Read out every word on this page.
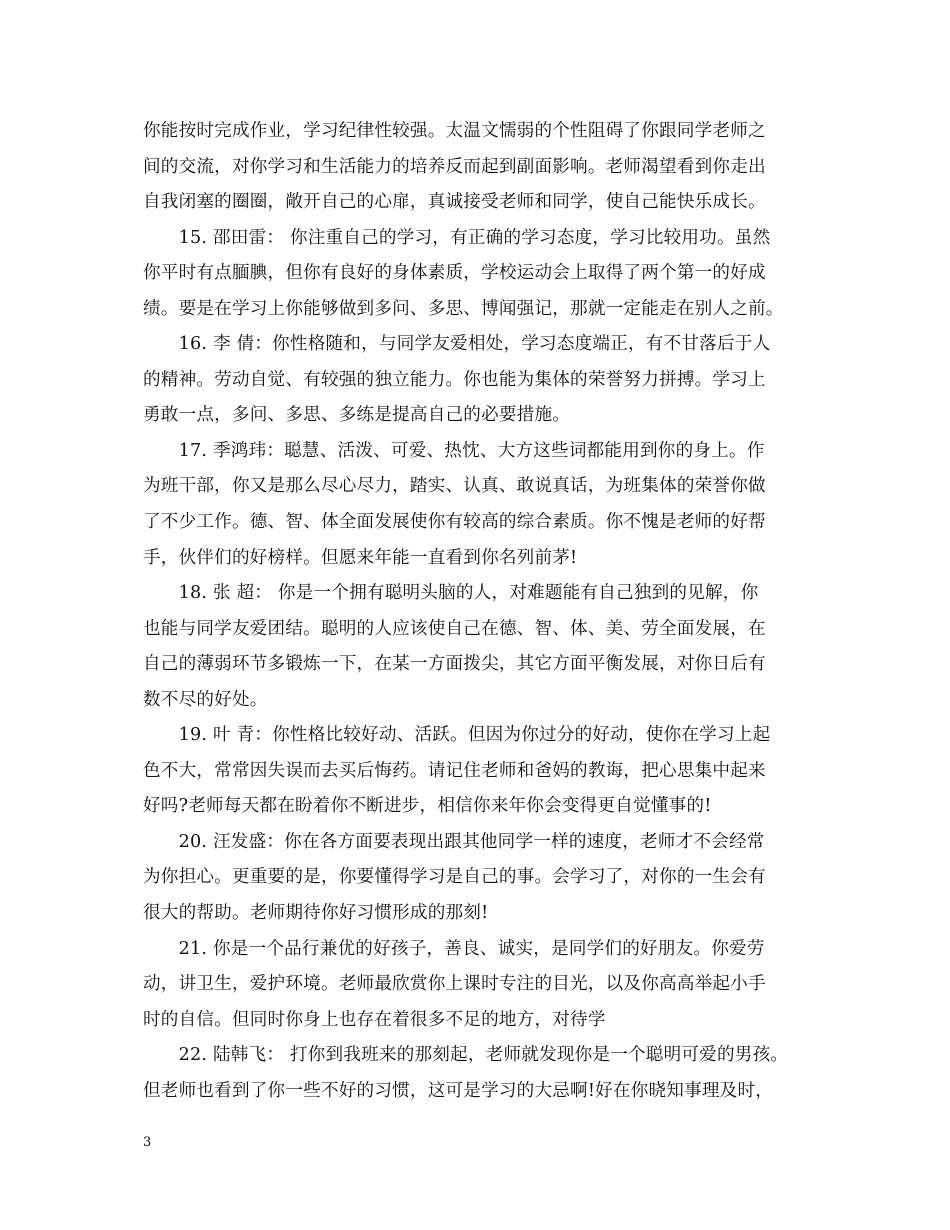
你能按时完成作业，学习纪律性较强。太温文懦弱的个性阻碍了你跟同学老师之
间的交流，对你学习和生活能力的培养反而起到副面影响。老师渴望看到你走出
自我闭塞的圈圈，敞开自己的心扉，真诚接受老师和同学，使自己能快乐成长。
　　15. 邵田雷： 你注重自己的学习，有正确的学习态度，学习比较用功。虽然
你平时有点腼腆，但你有良好的身体素质，学校运动会上取得了两个第一的好成
绩。要是在学习上你能够做到多问、多思、博闻强记，那就一定能走在别人之前。
　　16. 李 倩：你性格随和，与同学友爱相处，学习态度端正，有不甘落后于人
的精神。劳动自觉、有较强的独立能力。你也能为集体的荣誉努力拼搏。学习上
勇敢一点，多问、多思、多练是提高自己的必要措施。
　　17. 季鸿玮：聪慧、活泼、可爱、热忱、大方这些词都能用到你的身上。作
为班干部，你又是那么尽心尽力，踏实、认真、敢说真话，为班集体的荣誉你做
了不少工作。德、智、体全面发展使你有较高的综合素质。你不愧是老师的好帮
手，伙伴们的好榜样。但愿来年能一直看到你名列前茅!
　　18. 张 超： 你是一个拥有聪明头脑的人，对难题能有自己独到的见解，你
也能与同学友爱团结。聪明的人应该使自己在德、智、体、美、劳全面发展，在
自己的薄弱环节多锻炼一下，在某一方面拨尖，其它方面平衡发展，对你日后有
数不尽的好处。
　　19. 叶 青：你性格比较好动、活跃。但因为你过分的好动，使你在学习上起
色不大，常常因失误而去买后悔药。请记住老师和爸妈的教诲，把心思集中起来
好吗?老师每天都在盼着你不断进步，相信你来年你会变得更自觉懂事的!
　　20. 汪发盛：你在各方面要表现出跟其他同学一样的速度，老师才不会经常
为你担心。更重要的是，你要懂得学习是自己的事。会学习了，对你的一生会有
很大的帮助。老师期待你好习惯形成的那刻!
　　21. 你是一个品行兼优的好孩子，善良、诚实，是同学们的好朋友。你爱劳
动，讲卫生，爱护环境。老师最欣赏你上课时专注的目光，以及你高高举起小手
时的自信。但同时你身上也存在着很多不足的地方，对待学
　　22. 陆韩飞： 打你到我班来的那刻起，老师就发现你是一个聪明可爱的男孩。
但老师也看到了你一些不好的习惯，这可是学习的大忌啊!好在你晓知事理及时，
3
